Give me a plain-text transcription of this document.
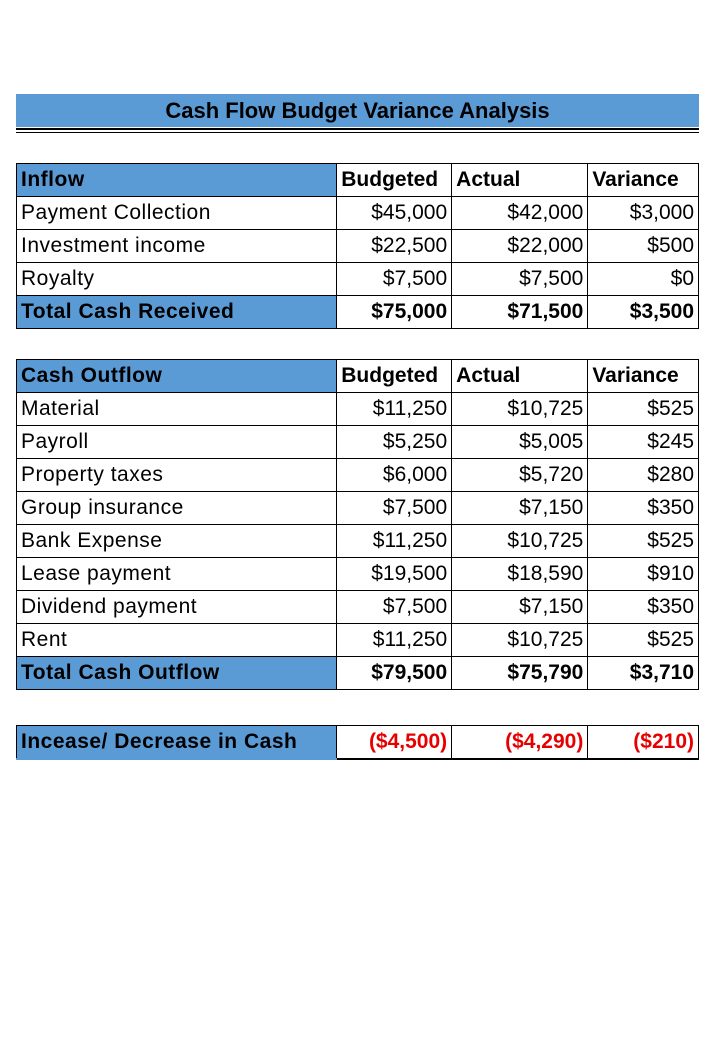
Cash Flow Budget Variance Analysis
Inflow	Budgeted	Actual	Variance
Payment Collection	$45,000	$42,000	$3,000
Investment income	$22,500	$22,000	$500
Royalty	$7,500	$7,500	$0
Total Cash Received	$75,000	$71,500	$3,500
Cash Outflow	Budgeted	Actual	Variance
Material	$11,250	$10,725	$525
Payroll	$5,250	$5,005	$245
Property taxes	$6,000	$5,720	$280
Group insurance	$7,500	$7,150	$350
Bank Expense	$11,250	$10,725	$525
Lease payment	$19,500	$18,590	$910
Dividend payment	$7,500	$7,150	$350
Rent	$11,250	$10,725	$525
Total Cash Outflow	$79,500	$75,790	$3,710
Incease/ Decrease in Cash	($4,500)	($4,290)	($210)
